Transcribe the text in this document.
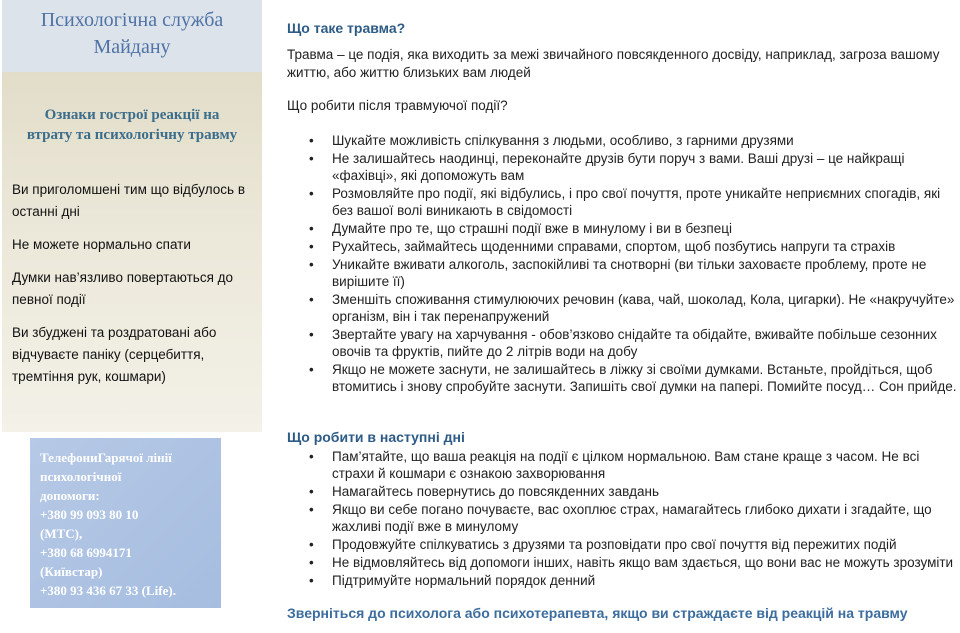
Психологічна служба
Майдану
Ознаки гострої реакції на
втрату та психологічну травму
Ви приголомшені тим що відбулось в останні дні
Не можете нормально спати
Думки нав’язливо повертаються до певної події
Ви збуджені та роздратовані або відчуваєте паніку (серцебиття, тремтіння рук, кошмари)
ТелефониГарячої лінії
психологічної
допомоги:
+380 99 093 80 10
(МТС),
+380 68 6994171
(Київстар)
+380 93 436 67 33 (Life).
Що таке травма?
Травма – це подія, яка виходить за межі звичайного повсякденного досвіду, наприклад, загроза вашому життю, або життю близьких вам людей
Що робити після травмуючої події?
• Шукайте можливість спілкування з людьми, особливо, з гарними друзями
• Не залишайтесь наодинці, переконайте друзів бути поруч з вами. Ваші друзі – це найкращі «фахівці», які допоможуть вам
• Розмовляйте про події, які відбулись, і про свої почуття, проте уникайте неприємних спогадів, які без вашої волі виникають в свідомості
• Думайте про те, що страшні події вже в минулому і ви в безпеці
• Рухайтесь, займайтесь щоденними справами, спортом, щоб позбутись напруги та страхів
• Уникайте вживати алкоголь, заспокійливі та снотворні (ви тільки заховаєте проблему, проте не вирішите її)
• Зменшіть споживання стимулюючих речовин (кава, чай, шоколад, Кола, цигарки). Не «накручуйте» організм, він і так перенапружений
• Звертайте увагу на харчування - обов’язково снідайте та обідайте, вживайте побільше сезонних овочів та фруктів, пийте до 2 літрів води на добу
• Якщо не можете заснути, не залишайтесь в ліжку зі своїми думками. Встаньте, пройдіться, щоб втомитись і знову спробуйте заснути. Запишіть свої думки на папері. Помийте посуд… Сон прийде.
Що робити в наступні дні
• Пам’ятайте, що ваша реакція на події є цілком нормальною. Вам стане краще з часом. Не всі страхи й кошмари є ознакою захворювання
• Намагайтесь повернутись до повсякденних завдань
• Якщо ви себе погано почуваєте, вас охоплює страх, намагайтесь глибоко дихати і згадайте, що жахливі події вже в минулому
• Продовжуйте спілкуватись з друзями та розповідати про свої почуття від пережитих подій
• Не відмовляйтесь від допомоги інших, навіть якщо вам здається, що вони вас не можуть зрозуміти
• Підтримуйте нормальний порядок денний
Зверніться до психолога або психотерапевта, якщо ви страждаєте від реакцій на травму
